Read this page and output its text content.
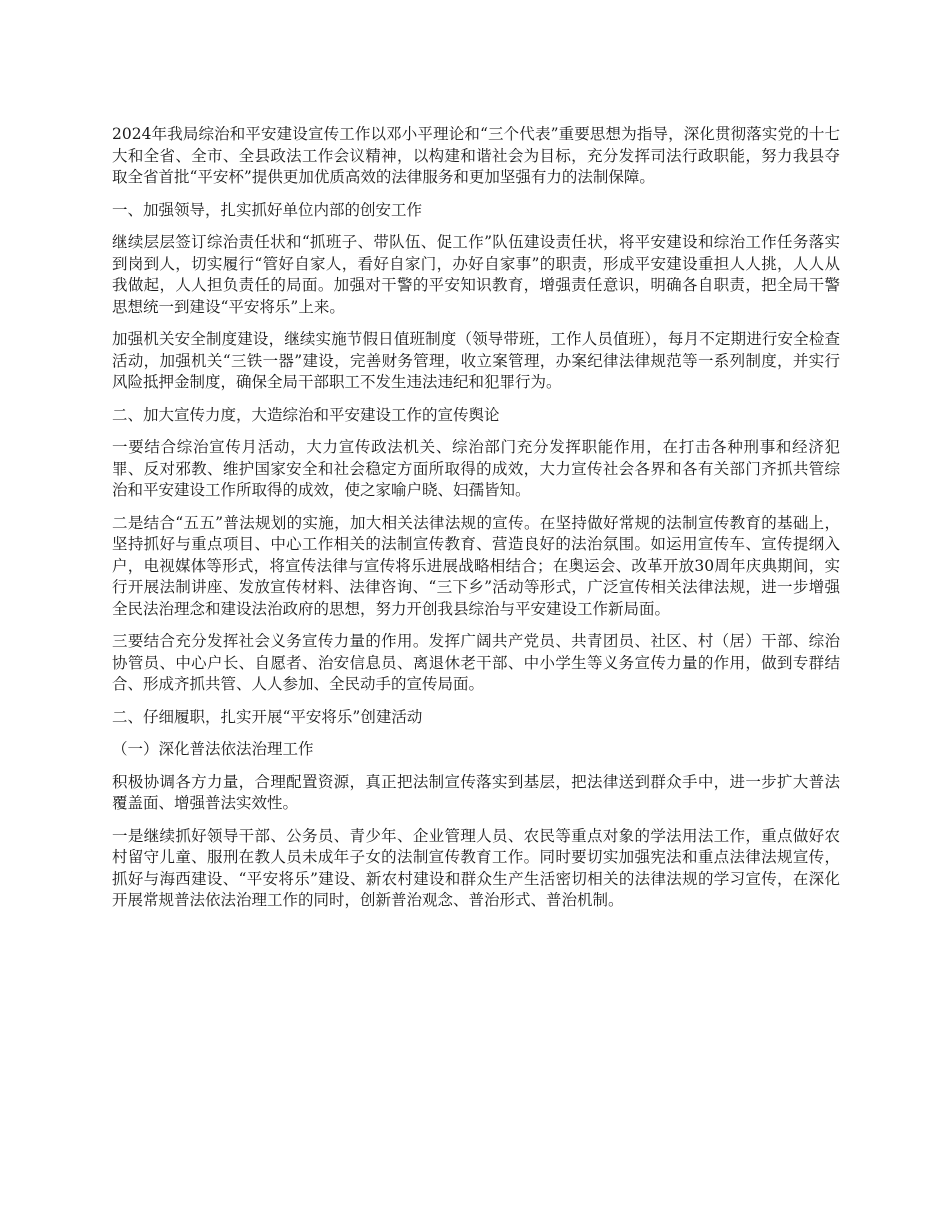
2024年我局综治和平安建设宣传工作以邓小平理论和“三个代表”重要思想为指导，深化贯彻落实党的十七大和全省、全市、全县政法工作会议精神，以构建和谐社会为目标，充分发挥司法行政职能，努力我县夺取全省首批“平安杯”提供更加优质高效的法律服务和更加坚强有力的法制保障。

一、加强领导，扎实抓好单位内部的创安工作

继续层层签订综治责任状和“抓班子、带队伍、促工作”队伍建设责任状，将平安建设和综治工作任务落实到岗到人，切实履行“管好自家人，看好自家门，办好自家事”的职责，形成平安建设重担人人挑，人人从我做起，人人担负责任的局面。加强对干警的平安知识教育，增强责任意识，明确各自职责，把全局干警思想统一到建设“平安将乐”上来。

加强机关安全制度建设，继续实施节假日值班制度（领导带班，工作人员值班），每月不定期进行安全检查活动，加强机关“三铁一器”建设，完善财务管理，收立案管理，办案纪律法律规范等一系列制度，并实行风险抵押金制度，确保全局干部职工不发生违法违纪和犯罪行为。

二、加大宣传力度，大造综治和平安建设工作的宣传舆论

一要结合综治宣传月活动，大力宣传政法机关、综治部门充分发挥职能作用，在打击各种刑事和经济犯罪、反对邪教、维护国家安全和社会稳定方面所取得的成效，大力宣传社会各界和各有关部门齐抓共管综治和平安建设工作所取得的成效，使之家喻户晓、妇孺皆知。

二是结合“五五”普法规划的实施，加大相关法律法规的宣传。在坚持做好常规的法制宣传教育的基础上，坚持抓好与重点项目、中心工作相关的法制宣传教育、营造良好的法治氛围。如运用宣传车、宣传提纲入户，电视媒体等形式，将宣传法律与宣传将乐进展战略相结合；在奥运会、改革开放30周年庆典期间，实行开展法制讲座、发放宣传材料、法律咨询、“三下乡”活动等形式，广泛宣传相关法律法规，进一步增强全民法治理念和建设法治政府的思想，努力开创我县综治与平安建设工作新局面。

三要结合充分发挥社会义务宣传力量的作用。发挥广阔共产党员、共青团员、社区、村（居）干部、综治协管员、中心户长、自愿者、治安信息员、离退休老干部、中小学生等义务宣传力量的作用，做到专群结合、形成齐抓共管、人人参加、全民动手的宣传局面。

二、仔细履职，扎实开展“平安将乐”创建活动

（一）深化普法依法治理工作

积极协调各方力量，合理配置资源，真正把法制宣传落实到基层，把法律送到群众手中，进一步扩大普法覆盖面、增强普法实效性。

一是继续抓好领导干部、公务员、青少年、企业管理人员、农民等重点对象的学法用法工作，重点做好农村留守儿童、服刑在教人员未成年子女的法制宣传教育工作。同时要切实加强宪法和重点法律法规宣传，抓好与海西建设、“平安将乐”建设、新农村建设和群众生产生活密切相关的法律法规的学习宣传，在深化开展常规普法依法治理工作的同时，创新普治观念、普治形式、普治机制。
